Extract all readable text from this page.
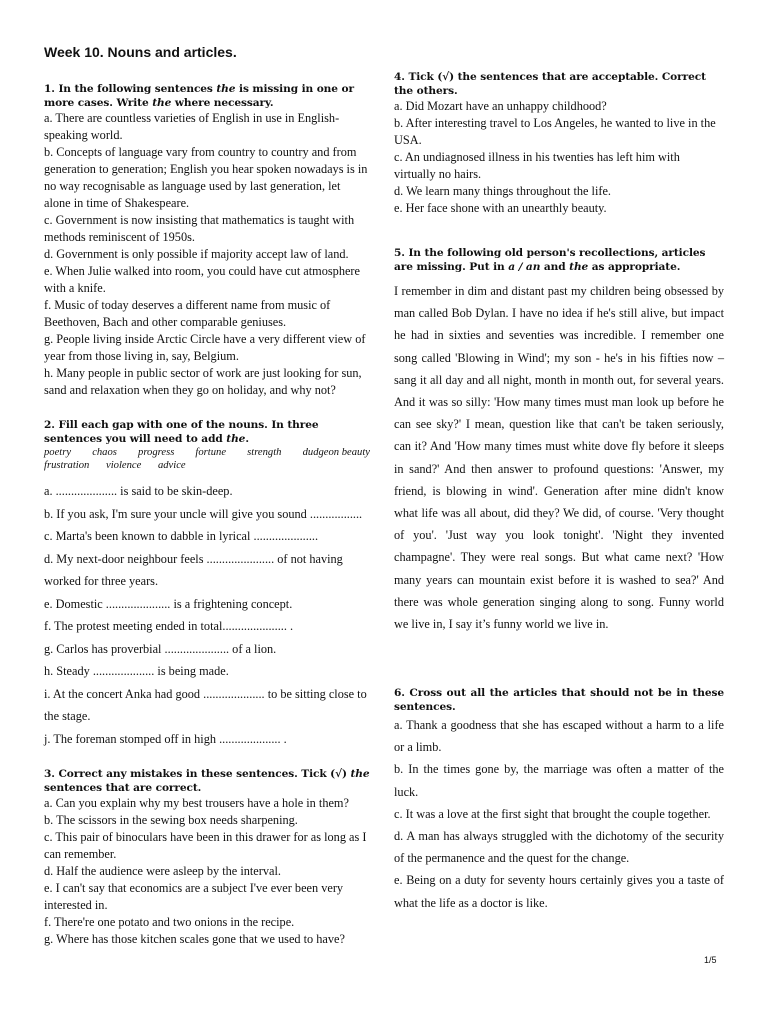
Week 10. Nouns and articles.
1. In the following sentences the is missing in one or more cases. Write the where necessary.

a. There are countless varieties of English in use in English-speaking world.

b. Concepts of language vary from country to country and from generation to generation; English you hear spoken nowadays is in no way recognisable as language used by last generation, let alone in time of Shakespeare.

c. Government is now insisting that mathematics is taught with methods reminiscent of 1950s.

d. Government is only possible if majority accept law of land.

e. When Julie walked into room, you could have cut atmosphere with a knife.

f. Music of today deserves a different name from music of Beethoven, Bach and other comparable geniuses.

g. People living inside Arctic Circle have a very different view of year from those living in, say, Belgium.

h. Many people in public sector of work are just looking for sun, sand and relaxation when they go on holiday, and why not?

2. Fill each gap with one of the nouns. In three sentences you will need to add the.
poetry chaos progress fortune strength dudgeon beauty
frustration violence advice

a. .................... is said to be skin-deep.

b. If you ask, I'm sure your uncle will give you sound .................

c. Marta's been known to dabble in lyrical .....................

d. My next-door neighbour feels ...................... of not having worked for three years.

e. Domestic ..................... is a frightening concept.

f. The protest meeting ended in total..................... .

g. Carlos has proverbial ..................... of a lion.

h. Steady .................... is being made.

i. At the concert Anka had good .................... to be sitting close to the stage.

j. The foreman stomped off in high .................... .

3. Correct any mistakes in these sentences. Tick (√) the sentences that are correct.

a. Can you explain why my best trousers have a hole in them?

b. The scissors in the sewing box needs sharpening.

c. This pair of binoculars have been in this drawer for as long as I can remember.

d. Half the audience were asleep by the interval.

e. I can't say that economics are a subject I've ever been very interested in.

f. There're one potato and two onions in the recipe.

g. Where has those kitchen scales gone that we used to have?

4. Tick (√) the sentences that are acceptable. Correct the others.

a. Did Mozart have an unhappy childhood?

b. After interesting travel to Los Angeles, he wanted to live in the USA.

c. An undiagnosed illness in his twenties has left him with virtually no hairs.

d. We learn many things throughout the life.

e. Her face shone with an unearthly beauty.

5. In the following old person's recollections, articles are missing. Put in a / an and the as appropriate.

I remember in dim and distant past my children being obsessed by man called Bob Dylan. I have no idea if he's still alive, but impact he had in sixties and seventies was incredible. I remember one song called 'Blowing in Wind'; my son - he's in his fifties now – sang it all day and all night, month in month out, for several years. And it was so silly: 'How many times must man look up before he can see sky?' I mean, question like that can't be taken seriously, can it? And 'How many times must white dove fly before it sleeps in sand?' And then answer to profound questions: 'Answer, my friend, is blowing in wind'. Generation after mine didn't know what life was all about, did they? We did, of course. 'Very thought of you'. 'Just way you look tonight'. 'Night they invented champagne'. They were real songs. But what came next? 'How many years can mountain exist before it is washed to sea?' And there was whole generation singing along to song. Funny world we live in, I say it’s funny world we live in.

6. Cross out all the articles that should not be in these sentences.

a. Thank a goodness that she has escaped without a harm to a life or a limb.

b. In the times gone by, the marriage was often a matter of the luck.

c. It was a love at the first sight that brought the couple together.

d. A man has always struggled with the dichotomy of the security of the permanence and the quest for the change.

e. Being on a duty for seventy hours certainly gives you a taste of what the life as a doctor is like.

1/5
